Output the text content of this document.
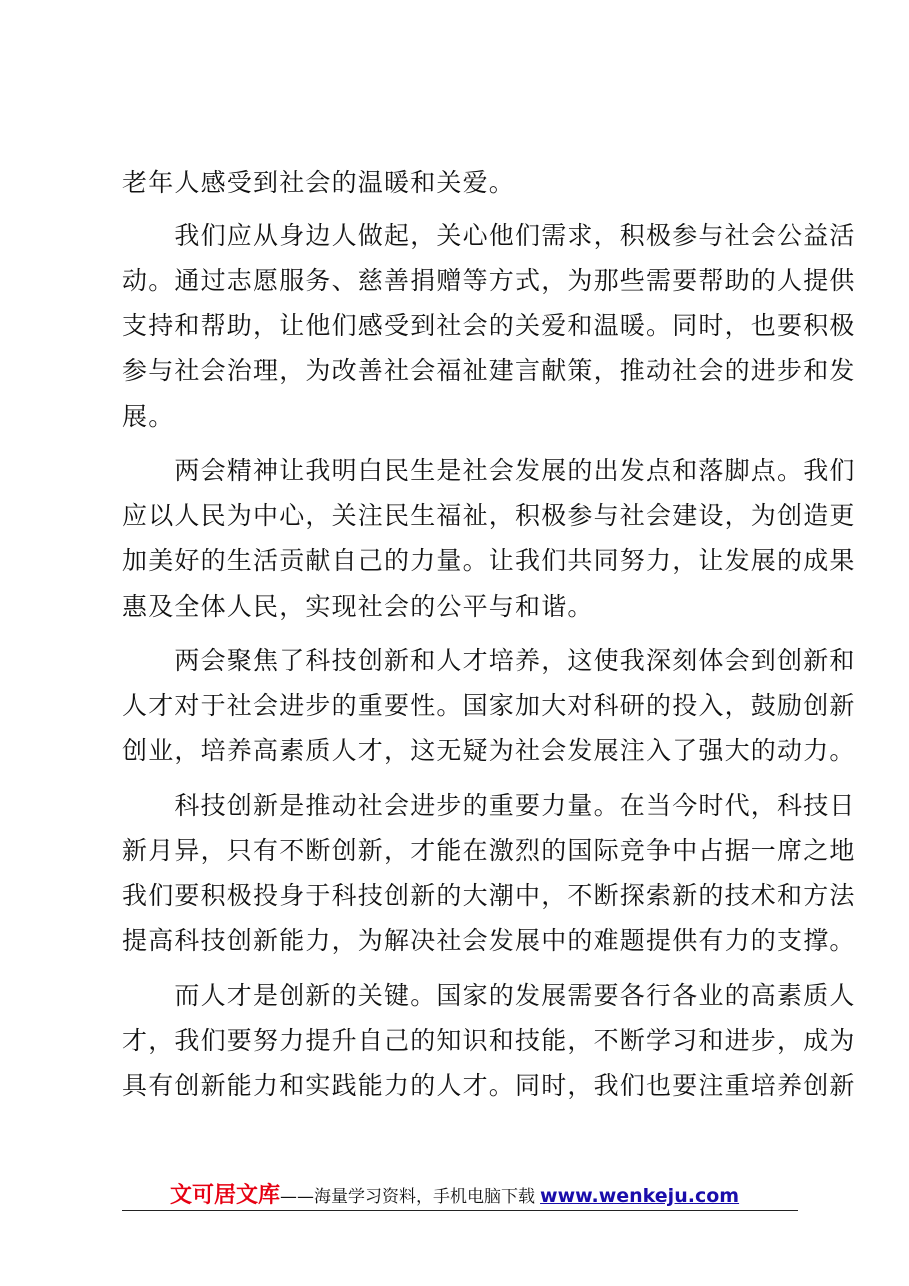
老年人感受到社会的温暖和关爱。
　　我们应从身边人做起，关心他们需求，积极参与社会公益活
动。通过志愿服务、慈善捐赠等方式，为那些需要帮助的人提供
支持和帮助，让他们感受到社会的关爱和温暖。同时，也要积极
参与社会治理，为改善社会福祉建言献策，推动社会的进步和发
展。
　　两会精神让我明白民生是社会发展的出发点和落脚点。我们
应以人民为中心，关注民生福祉，积极参与社会建设，为创造更
加美好的生活贡献自己的力量。让我们共同努力，让发展的成果
惠及全体人民，实现社会的公平与和谐。
　　两会聚焦了科技创新和人才培养，这使我深刻体会到创新和
人才对于社会进步的重要性。国家加大对科研的投入，鼓励创新
创业，培养高素质人才，这无疑为社会发展注入了强大的动力。
　　科技创新是推动社会进步的重要力量。在当今时代，科技日
新月异，只有不断创新，才能在激烈的国际竞争中占据一席之地
我们要积极投身于科技创新的大潮中，不断探索新的技术和方法
提高科技创新能力，为解决社会发展中的难题提供有力的支撑。
　　而人才是创新的关键。国家的发展需要各行各业的高素质人
才，我们要努力提升自己的知识和技能，不断学习和进步，成为
具有创新能力和实践能力的人才。同时，我们也要注重培养创新
文可居文库——海量学习资料，手机电脑下载 www.wenkeju.com
